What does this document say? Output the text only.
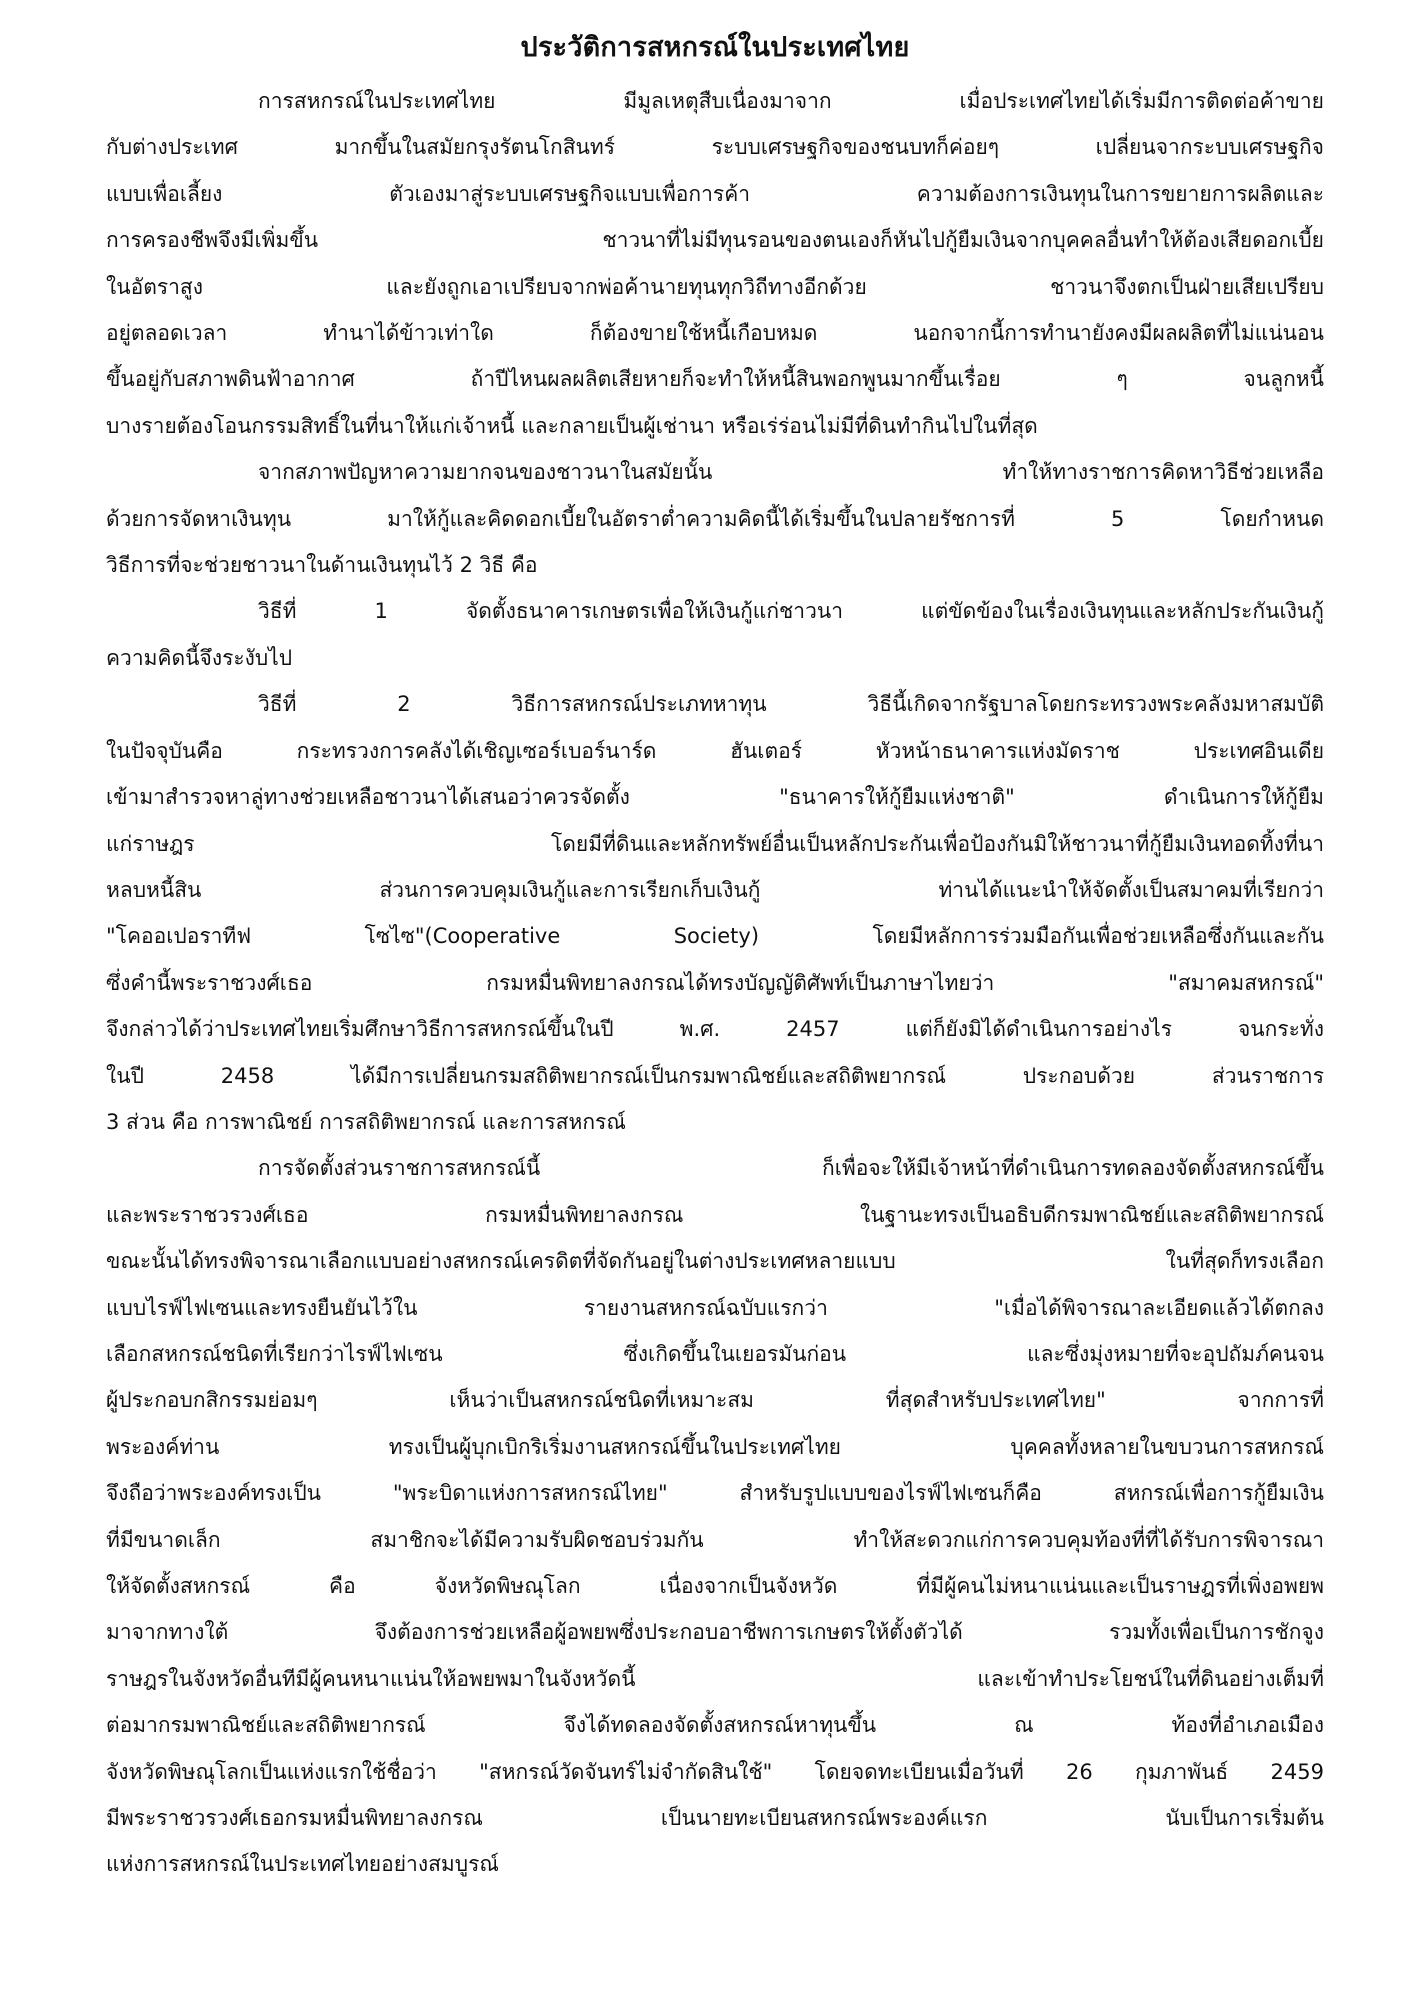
ประวัติการสหกรณ์ในประเทศไทย
การสหกรณ์ในประเทศไทย มีมูลเหตุสืบเนื่องมาจาก เมื่อประเทศไทยได้เริ่มมีการติดต่อค้าขาย
กับต่างประเทศ มากขึ้นในสมัยกรุงรัตนโกสินทร์ ระบบเศรษฐกิจของชนบทก็ค่อยๆ เปลี่ยนจากระบบเศรษฐกิจ
แบบเพื่อเลี้ยง ตัวเองมาสู่ระบบเศรษฐกิจแบบเพื่อการค้า ความต้องการเงินทุนในการขยายการผลิตและ
การครองชีพจึงมีเพิ่มขึ้น ชาวนาที่ไม่มีทุนรอนของตนเองก็หันไปกู้ยืมเงินจากบุคคลอื่นทำให้ต้องเสียดอกเบี้ย
ในอัตราสูง และยังถูกเอาเปรียบจากพ่อค้านายทุนทุกวิถีทางอีกด้วย ชาวนาจึงตกเป็นฝ่ายเสียเปรียบ
อยู่ตลอดเวลา ทำนาได้ข้าวเท่าใด ก็ต้องขายใช้หนี้เกือบหมด นอกจากนี้การทำนายังคงมีผลผลิตที่ไม่แน่นอน
ขึ้นอยู่กับสภาพดินฟ้าอากาศ ถ้าปีไหนผลผลิตเสียหายก็จะทำให้หนี้สินพอกพูนมากขึ้นเรื่อย ๆ จนลูกหนี้
บางรายต้องโอนกรรมสิทธิ์ในที่นาให้แก่เจ้าหนี้ และกลายเป็นผู้เช่านา หรือเร่ร่อนไม่มีที่ดินทำกินไปในที่สุด
จากสภาพปัญหาความยากจนของชาวนาในสมัยนั้น ทำให้ทางราชการคิดหาวิธีช่วยเหลือ
ด้วยการจัดหาเงินทุน มาให้กู้และคิดดอกเบี้ยในอัตราต่ำความคิดนี้ได้เริ่มขึ้นในปลายรัชการที่ 5 โดยกำหนด
วิธีการที่จะช่วยชาวนาในด้านเงินทุนไว้ 2 วิธี คือ
วิธีที่ 1 จัดตั้งธนาคารเกษตรเพื่อให้เงินกู้แก่ชาวนา แต่ขัดข้องในเรื่องเงินทุนและหลักประกันเงินกู้
ความคิดนี้จึงระงับไป
วิธีที่ 2 วิธีการสหกรณ์ประเภทหาทุน วิธีนี้เกิดจากรัฐบาลโดยกระทรวงพระคลังมหาสมบัติ
ในปัจจุบันคือ กระทรวงการคลังได้เชิญเซอร์เบอร์นาร์ด ฮันเตอร์ หัวหน้าธนาคารแห่งมัดราช ประเทศอินเดีย
เข้ามาสำรวจหาลู่ทางช่วยเหลือชาวนาได้เสนอว่าควรจัดตั้ง "ธนาคารให้กู้ยืมแห่งชาติ" ดำเนินการให้กู้ยืม
แก่ราษฎร โดยมีที่ดินและหลักทรัพย์อื่นเป็นหลักประกันเพื่อป้องกันมิให้ชาวนาที่กู้ยืมเงินทอดทิ้งที่นา
หลบหนี้สิน ส่วนการควบคุมเงินกู้และการเรียกเก็บเงินกู้ ท่านได้แนะนำให้จัดตั้งเป็นสมาคมที่เรียกว่า
"โคออเปอราทีฟ โซไซ"(Cooperative Society) โดยมีหลักการร่วมมือกันเพื่อช่วยเหลือซึ่งกันและกัน
ซึ่งคำนี้พระราชวงศ์เธอ กรมหมื่นพิทยาลงกรณได้ทรงบัญญัติศัพท์เป็นภาษาไทยว่า "สมาคมสหกรณ์"
จึงกล่าวได้ว่าประเทศไทยเริ่มศึกษาวิธีการสหกรณ์ขึ้นในปี พ.ศ. 2457 แต่ก็ยังมิได้ดำเนินการอย่างไร จนกระทั่ง
ในปี 2458 ได้มีการเปลี่ยนกรมสถิติพยากรณ์เป็นกรมพาณิชย์และสถิติพยากรณ์ ประกอบด้วย ส่วนราชการ
3 ส่วน คือ การพาณิชย์ การสถิติพยากรณ์ และการสหกรณ์
การจัดตั้งส่วนราชการสหกรณ์นี้ ก็เพื่อจะให้มีเจ้าหน้าที่ดำเนินการทดลองจัดตั้งสหกรณ์ขึ้น
และพระราชวรวงศ์เธอ กรมหมื่นพิทยาลงกรณ ในฐานะทรงเป็นอธิบดีกรมพาณิชย์และสถิติพยากรณ์
ขณะนั้นได้ทรงพิจารณาเลือกแบบอย่างสหกรณ์เครดิตที่จัดกันอยู่ในต่างประเทศหลายแบบ ในที่สุดก็ทรงเลือก
แบบไรฟ์ไฟเซนและทรงยืนยันไว้ใน รายงานสหกรณ์ฉบับแรกว่า "เมื่อได้พิจารณาละเอียดแล้วได้ตกลง
เลือกสหกรณ์ชนิดที่เรียกว่าไรฟ์ไฟเซน ซึ่งเกิดขึ้นในเยอรมันก่อน และซึ่งมุ่งหมายที่จะอุปถัมภ์คนจน
ผู้ประกอบกสิกรรมย่อมๆ เห็นว่าเป็นสหกรณ์ชนิดที่เหมาะสม ที่สุดสำหรับประเทศไทย" จากการที่
พระองค์ท่าน ทรงเป็นผู้บุกเบิกริเริ่มงานสหกรณ์ขึ้นในประเทศไทย บุคคลทั้งหลายในขบวนการสหกรณ์
จึงถือว่าพระองค์ทรงเป็น "พระบิดาแห่งการสหกรณ์ไทย" สำหรับรูปแบบของไรฟ์ไฟเซนก็คือ สหกรณ์เพื่อการกู้ยืมเงิน
ที่มีขนาดเล็ก สมาชิกจะได้มีความรับผิดชอบร่วมกัน ทำให้สะดวกแก่การควบคุมท้องที่ที่ได้รับการพิจารณา
ให้จัดตั้งสหกรณ์ คือ จังหวัดพิษณุโลก เนื่องจากเป็นจังหวัด ที่มีผู้คนไม่หนาแน่นและเป็นราษฎรที่เพิ่งอพยพ
มาจากทางใต้ จึงต้องการช่วยเหลือผู้อพยพซึ่งประกอบอาชีพการเกษตรให้ตั้งตัวได้ รวมทั้งเพื่อเป็นการชักจูง
ราษฎรในจังหวัดอื่นทีมีผู้คนหนาแน่นให้อพยพมาในจังหวัดนี้ และเข้าทำประโยชน์ในที่ดินอย่างเต็มที่
ต่อมากรมพาณิชย์และสถิติพยากรณ์ จึงได้ทดลองจัดตั้งสหกรณ์หาทุนขึ้น ณ ท้องที่อำเภอเมือง
จังหวัดพิษณุโลกเป็นแห่งแรกใช้ชื่อว่า "สหกรณ์วัดจันทร์ไม่จำกัดสินใช้" โดยจดทะเบียนเมื่อวันที่ 26 กุมภาพันธ์ 2459
มีพระราชวรวงศ์เธอกรมหมื่นพิทยาลงกรณ เป็นนายทะเบียนสหกรณ์พระองค์แรก นับเป็นการเริ่มต้น
แห่งการสหกรณ์ในประเทศไทยอย่างสมบูรณ์
